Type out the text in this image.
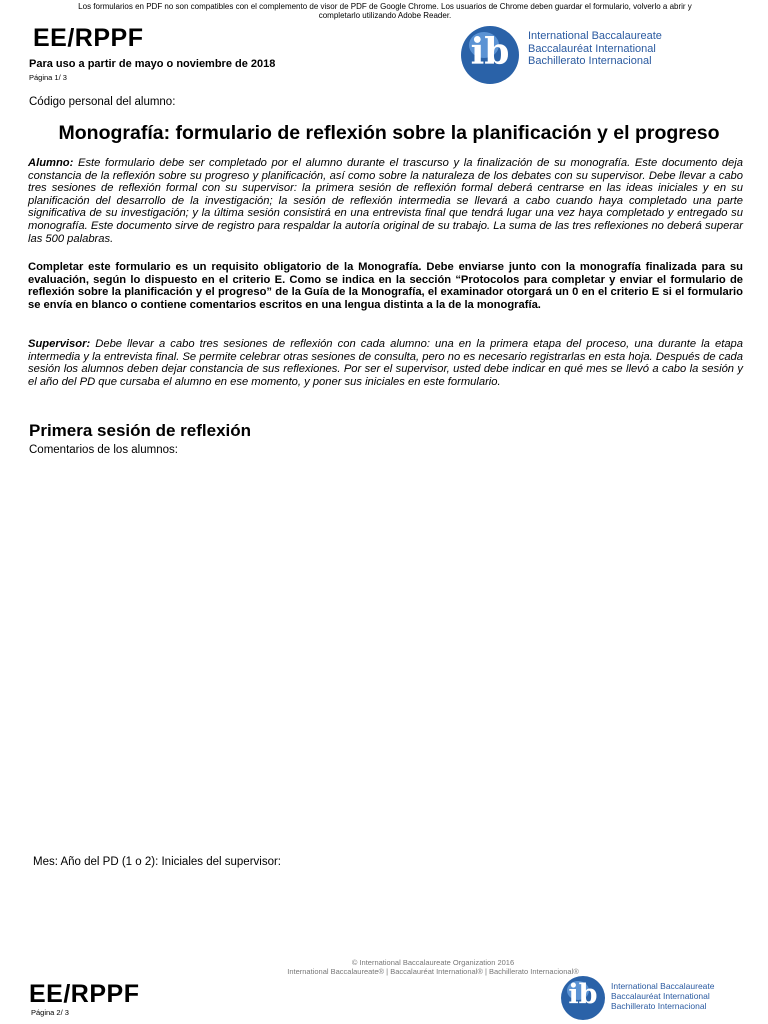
Los formularios en PDF no son compatibles con el complemento de visor de PDF de Google Chrome. Los usuarios de Chrome deben guardar el formulario, volverlo a abrir y completarlo utilizando Adobe Reader.
EE/RPPF
Para uso a partir de mayo o noviembre de 2018
Página 1/ 3
ib	International Baccalaureate
Baccalauréat International
Bachillerato Internacional
Código personal del alumno:
Monografía: formulario de reflexión sobre la planificación y el progreso
Alumno: Este formulario debe ser completado por el alumno durante el trascurso y la finalización de su monografía. Este documento deja constancia de la reflexión sobre su progreso y planificación, así como sobre la naturaleza de los debates con su supervisor. Debe llevar a cabo tres sesiones de reflexión formal con su supervisor: la primera sesión de reflexión formal deberá centrarse en las ideas iniciales y en su planificación del desarrollo de la investigación; la sesión de reflexión intermedia se llevará a cabo cuando haya completado una parte significativa de su investigación; y la última sesión consistirá en una entrevista final que tendrá lugar una vez haya completado y entregado su monografía. Este documento sirve de registro para respaldar la autoría original de su trabajo. La suma de las tres reflexiones no deberá superar las 500 palabras.
Completar este formulario es un requisito obligatorio de la Monografía. Debe enviarse junto con la monografía finalizada para su evaluación, según lo dispuesto en el criterio E. Como se indica en la sección “Protocolos para completar y enviar el formulario de reflexión sobre la planificación y el progreso” de la Guía de la Monografía, el examinador otorgará un 0 en el criterio E si el formulario se envía en blanco o contiene comentarios escritos en una lengua distinta a la de la monografía.
Supervisor: Debe llevar a cabo tres sesiones de reflexión con cada alumno: una en la primera etapa del proceso, una durante la etapa intermedia y la entrevista final. Se permite celebrar otras sesiones de consulta, pero no es necesario registrarlas en esta hoja. Después de cada sesión los alumnos deben dejar constancia de sus reflexiones. Por ser el supervisor, usted debe indicar en qué mes se llevó a cabo la sesión y el año del PD que cursaba el alumno en ese momento, y poner sus iniciales en este formulario.
Primera sesión de reflexión
Comentarios de los alumnos:
Mes: Año del PD (1 o 2): Iniciales del supervisor:
© International Baccalaureate Organization 2016
International Baccalaureate® | Baccalauréat International® | Bachillerato Internacional®
EE/RPPF
Página 2/ 3
ib	International Baccalaureate
Baccalauréat International
Bachillerato Internacional
